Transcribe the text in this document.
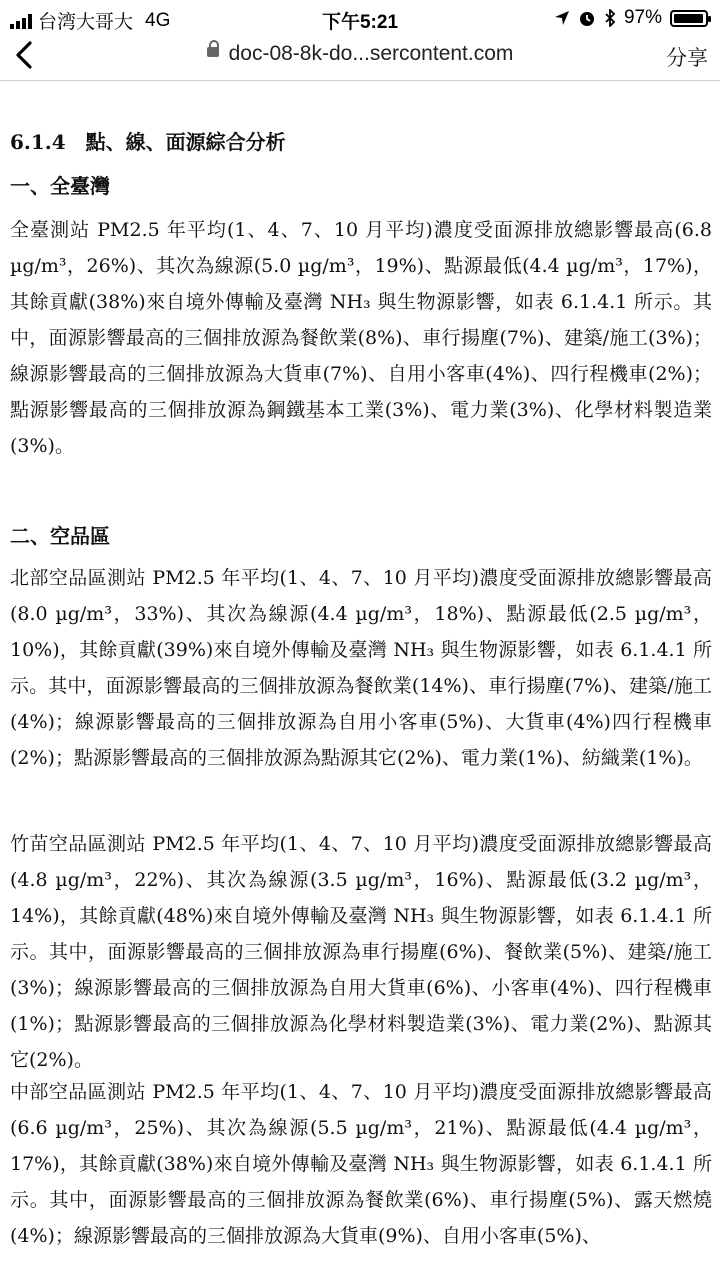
台湾大哥大 4G	下午5:21	97%
doc-08-8k-do...sercontent.com	分享
6.1.4　點、線、面源綜合分析
一、全臺灣

全臺測站 PM2.5 年平均(1、4、7、10 月平均)濃度受面源排放總影響最高(6.8 µg/m³，26%)、其次為線源(5.0 µg/m³，19%)、點源最低(4.4 µg/m³，17%)，其餘貢獻(38%)來自境外傳輸及臺灣 NH₃ 與生物源影響，如表 6.1.4.1 所示。其中，面源影響最高的三個排放源為餐飲業(8%)、車行揚塵(7%)、建築/施工(3%)；線源影響最高的三個排放源為大貨車(7%)、自用小客車(4%)、四行程機車(2%)；點源影響最高的三個排放源為鋼鐵基本工業(3%)、電力業(3%)、化學材料製造業(3%)。

二、空品區

北部空品區測站 PM2.5 年平均(1、4、7、10 月平均)濃度受面源排放總影響最高(8.0 µg/m³，33%)、其次為線源(4.4 µg/m³，18%)、點源最低(2.5 µg/m³，10%)，其餘貢獻(39%)來自境外傳輸及臺灣 NH₃ 與生物源影響，如表 6.1.4.1 所示。其中，面源影響最高的三個排放源為餐飲業(14%)、車行揚塵(7%)、建築/施工(4%)；線源影響最高的三個排放源為自用小客車(5%)、大貨車(4%)四行程機車(2%)；點源影響最高的三個排放源為點源其它(2%)、電力業(1%)、紡織業(1%)。

竹苗空品區測站 PM2.5 年平均(1、4、7、10 月平均)濃度受面源排放總影響最高(4.8 µg/m³，22%)、其次為線源(3.5 µg/m³，16%)、點源最低(3.2 µg/m³，14%)，其餘貢獻(48%)來自境外傳輸及臺灣 NH₃ 與生物源影響，如表 6.1.4.1 所示。其中，面源影響最高的三個排放源為車行揚塵(6%)、餐飲業(5%)、建築/施工(3%)；線源影響最高的三個排放源為自用大貨車(6%)、小客車(4%)、四行程機車(1%)；點源影響最高的三個排放源為化學材料製造業(3%)、電力業(2%)、點源其它(2%)。

中部空品區測站 PM2.5 年平均(1、4、7、10 月平均)濃度受面源排放總影響最高(6.6 µg/m³，25%)、其次為線源(5.5 µg/m³，21%)、點源最低(4.4 µg/m³，17%)，其餘貢獻(38%)來自境外傳輸及臺灣 NH₃ 與生物源影響，如表 6.1.4.1 所示。其中，面源影響最高的三個排放源為餐飲業(6%)、車行揚塵(5%)、露天燃燒(4%)；線源影響最高的三個排放源為大貨車(9%)、自用小客車(5%)、
